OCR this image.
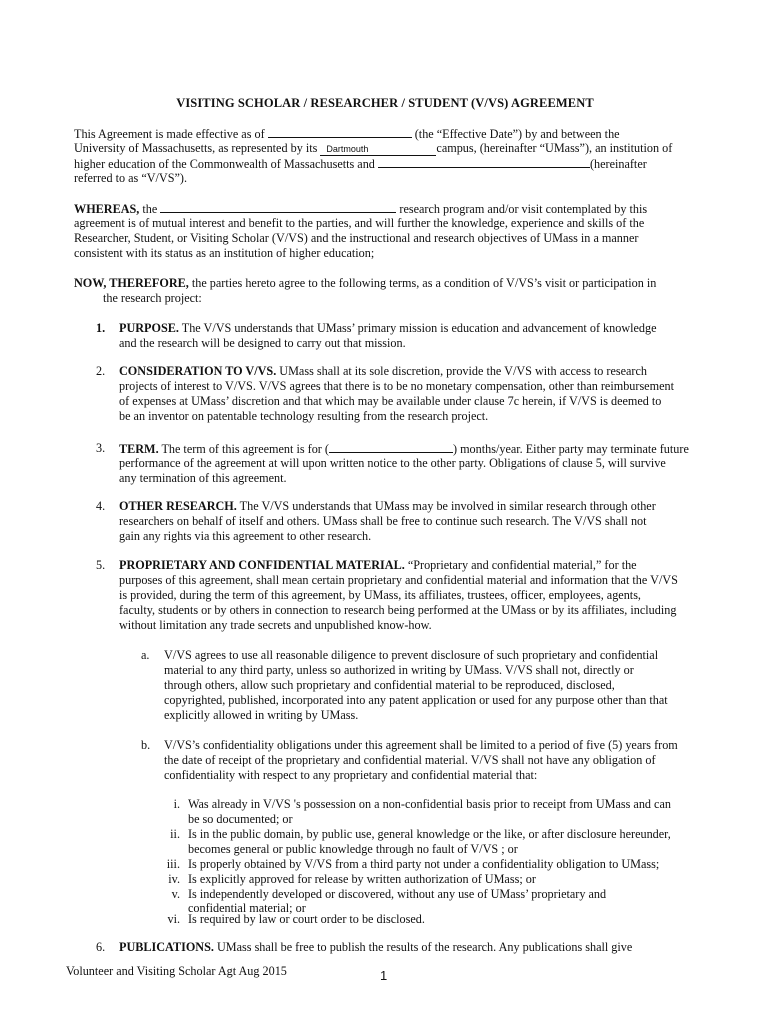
VISITING SCHOLAR / RESEARCHER / STUDENT (V/VS) AGREEMENT
This Agreement is made effective as of	(the “Effective Date”) by and between the
University of Massachusetts, as represented by its Dartmouth	campus, (hereinafter “UMass”), an institution of
higher education of the Commonwealth of Massachusetts and	(hereinafter
referred to as “V/VS”).
WHEREAS, the	research program and/or visit contemplated by this
agreement is of mutual interest and benefit to the parties, and will further the knowledge, experience and skills of the
Researcher, Student, or Visiting Scholar (V/VS) and the instructional and research objectives of UMass in a manner
consistent with its status as an institution of higher education;
NOW, THEREFORE, the parties hereto agree to the following terms, as a condition of V/VS’s visit or participation in
the research project:
1. PURPOSE. The V/VS understands that UMass’ primary mission is education and advancement of knowledge
and the research will be designed to carry out that mission.
2. CONSIDERATION TO V/VS. UMass shall at its sole discretion, provide the V/VS with access to research
projects of interest to V/VS. V/VS agrees that there is to be no monetary compensation, other than reimbursement
of expenses at UMass’ discretion and that which may be available under clause 7c herein, if V/VS is deemed to
be an inventor on patentable technology resulting from the research project.
3. TERM. The term of this agreement is for (	) months/year. Either party may terminate future
performance of the agreement at will upon written notice to the other party. Obligations of clause 5, will survive
any termination of this agreement.
4. OTHER RESEARCH. The V/VS understands that UMass may be involved in similar research through other
researchers on behalf of itself and others. UMass shall be free to continue such research. The V/VS shall not
gain any rights via this agreement to other research.
5. PROPRIETARY AND CONFIDENTIAL MATERIAL. “Proprietary and confidential material,” for the
purposes of this agreement, shall mean certain proprietary and confidential material and information that the V/VS
is provided, during the term of this agreement, by UMass, its affiliates, trustees, officer, employees, agents,
faculty, students or by others in connection to research being performed at the UMass or by its affiliates, including
without limitation any trade secrets and unpublished know-how.
a. V/VS agrees to use all reasonable diligence to prevent disclosure of such proprietary and confidential
material to any third party, unless so authorized in writing by UMass. V/VS shall not, directly or
through others, allow such proprietary and confidential material to be reproduced, disclosed,
copyrighted, published, incorporated into any patent application or used for any purpose other than that
explicitly allowed in writing by UMass.
b. V/VS’s confidentiality obligations under this agreement shall be limited to a period of five (5) years from
the date of receipt of the proprietary and confidential material. V/VS shall not have any obligation of
confidentiality with respect to any proprietary and confidential material that:
i. Was already in V/VS 's possession on a non-confidential basis prior to receipt from UMass and can
be so documented; or
ii. Is in the public domain, by public use, general knowledge or the like, or after disclosure hereunder,
becomes general or public knowledge through no fault of V/VS ; or
iii. Is properly obtained by V/VS from a third party not under a confidentiality obligation to UMass;
iv. Is explicitly approved for release by written authorization of UMass; or
v. Is independently developed or discovered, without any use of UMass’ proprietary and
confidential material; or
vi. Is required by law or court order to be disclosed.
6. PUBLICATIONS. UMass shall be free to publish the results of the research. Any publications shall give
Volunteer and Visiting Scholar Agt Aug 2015	1
